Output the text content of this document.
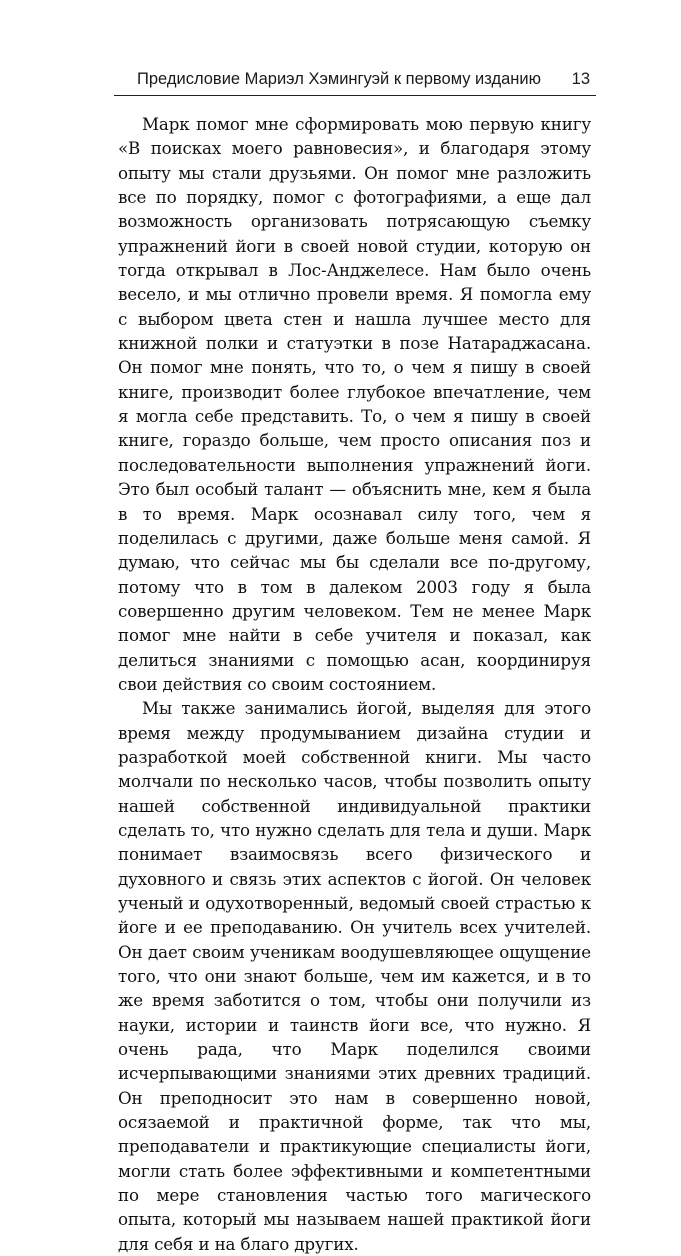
Предисловие Мариэл Хэмингуэй к первому изданию 13

Марк помог мне сформировать мою первую книгу «В поисках моего равновесия», и благодаря этому опыту мы стали друзьями. Он помог мне разложить все по порядку, помог с фотографиями, а еще дал возможность организовать потрясающую съемку упражнений йоги в своей новой студии, которую он тогда открывал в Лос-Анджелесе. Нам было очень весело, и мы отлично провели время. Я помогла ему с выбором цвета стен и нашла лучшее место для книжной полки и статуэтки в позе Натараджасана. Он помог мне понять, что то, о чем я пишу в своей книге, производит более глубокое впечатление, чем я могла себе представить. То, о чем я пишу в своей книге, гораздо больше, чем просто описания поз и последовательности выполнения упражнений йоги. Это был особый талант — объяснить мне, кем я была в то время. Марк осознавал силу того, чем я поделилась с другими, даже больше меня самой. Я думаю, что сейчас мы бы сделали все по-другому, потому что в том в далеком 2003 году я была совершенно другим человеком. Тем не менее Марк помог мне найти в себе учителя и показал, как делиться знаниями с помощью асан, координируя свои действия со своим состоянием.

Мы также занимались йогой, выделяя для этого время между продумыванием дизайна студии и разработкой моей собственной книги. Мы часто молчали по несколько часов, чтобы позволить опыту нашей собственной индивидуальной практики сделать то, что нужно сделать для тела и души. Марк понимает взаимосвязь всего физического и духовного и связь этих аспектов с йогой. Он человек ученый и одухотворенный, ведомый своей страстью к йоге и ее преподаванию. Он учитель всех учителей. Он дает своим ученикам воодушевляющее ощущение того, что они знают больше, чем им кажется, и в то же время заботится о том, чтобы они получили из науки, истории и таинств йоги все, что нужно. Я очень рада, что Марк поделился своими исчерпывающими знаниями этих древних традиций. Он преподносит это нам в совершенно новой, осязаемой и практичной форме, так что мы, преподаватели и практикующие специалисты йоги, могли стать более эффективными и компетентными по мере становления частью того магического опыта, который мы называем нашей практикой йоги для себя и на благо других.
